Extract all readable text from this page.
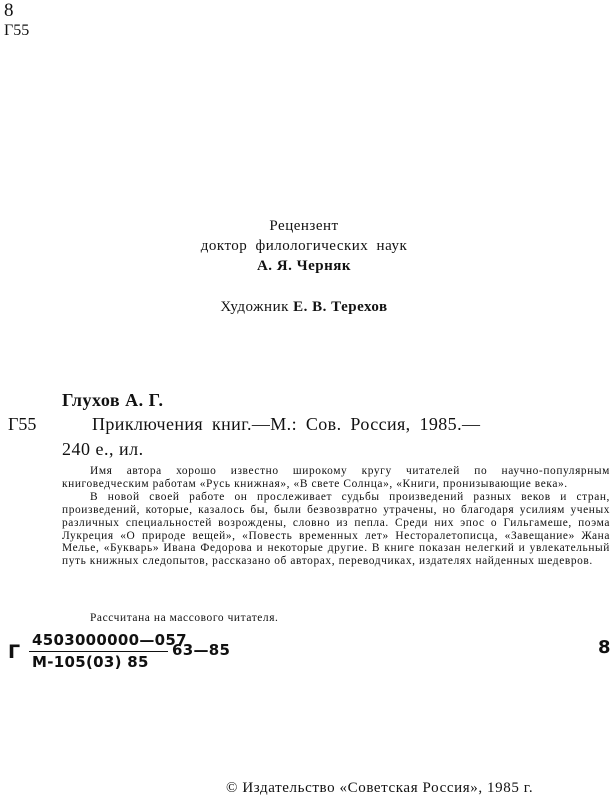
8
Г55
Рецензент
доктор филологических наук
А. Я. Черняк
Художник Е. В. Терехов
Глухов А. Г.
Г55	Приключения книг.—М.: Сов. Россия, 1985.—
240 е., ил.

Имя автора хорошо известно широкому кругу читателей по научно-популярным книговедческим работам «Русь книжная», «В свете Солнца», «Книги, пронизывающие века».

В новой своей работе он прослеживает судьбы произведений разных веков и стран, произведений, которые, казалось бы, были безвозвратно утрачены, но благодаря усилиям ученых различных специальностей возрождены, словно из пепла. Среди них эпос о Гильгамеше, поэма Лукреция «О природе вещей», «Повесть временных лет» Несторалетописца, «Завещание» Жана Мелье, «Букварь» Ивана Федорова и некоторые другие. В книге показан нелегкий и увлекательный путь книжных следопытов, рассказано об авторах, переводчиках, издателях найденных шедевров.

Рассчитана на массового читателя.
Г
4503000000—057
М-105(03) 85
63—85	8
© Издательство «Советская Россия», 1985 г.
